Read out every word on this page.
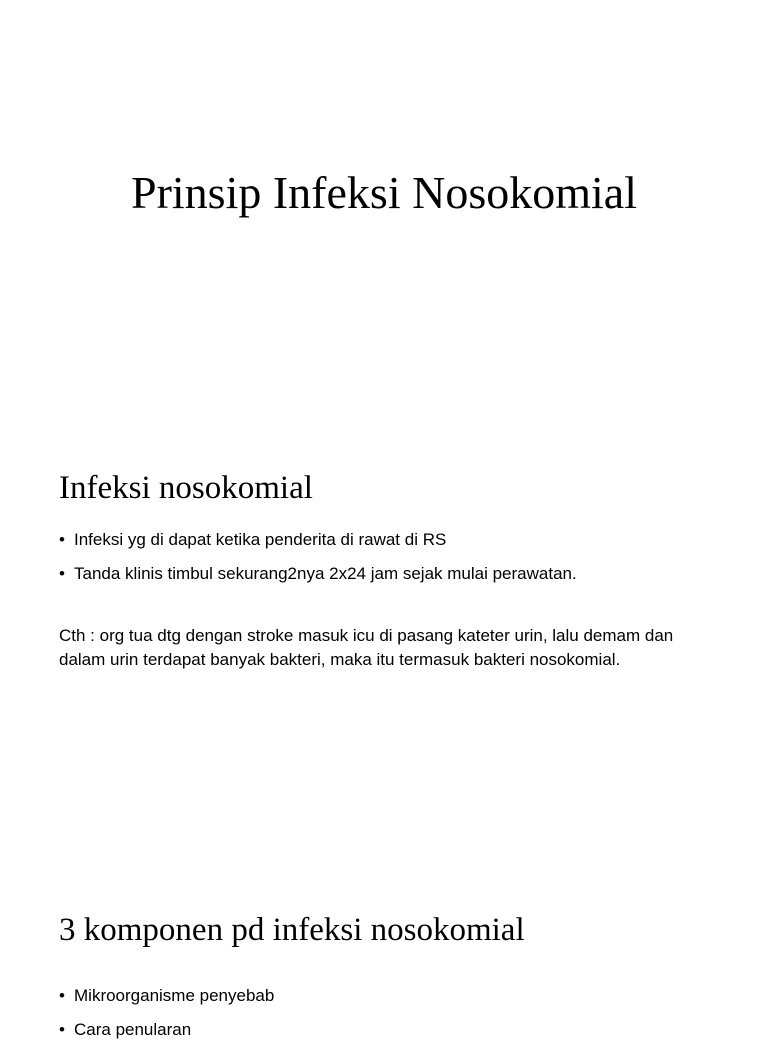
Prinsip Infeksi Nosokomial
Infeksi nosokomial
• Infeksi yg di dapat ketika penderita di rawat di RS
• Tanda klinis timbul sekurang2nya 2x24 jam sejak mulai perawatan.

Cth : org tua dtg dengan stroke masuk icu di pasang kateter urin, lalu demam dan dalam urin terdapat banyak bakteri, maka itu termasuk bakteri nosokomial.

3 komponen pd infeksi nosokomial
• Mikroorganisme penyebab
• Cara penularan
